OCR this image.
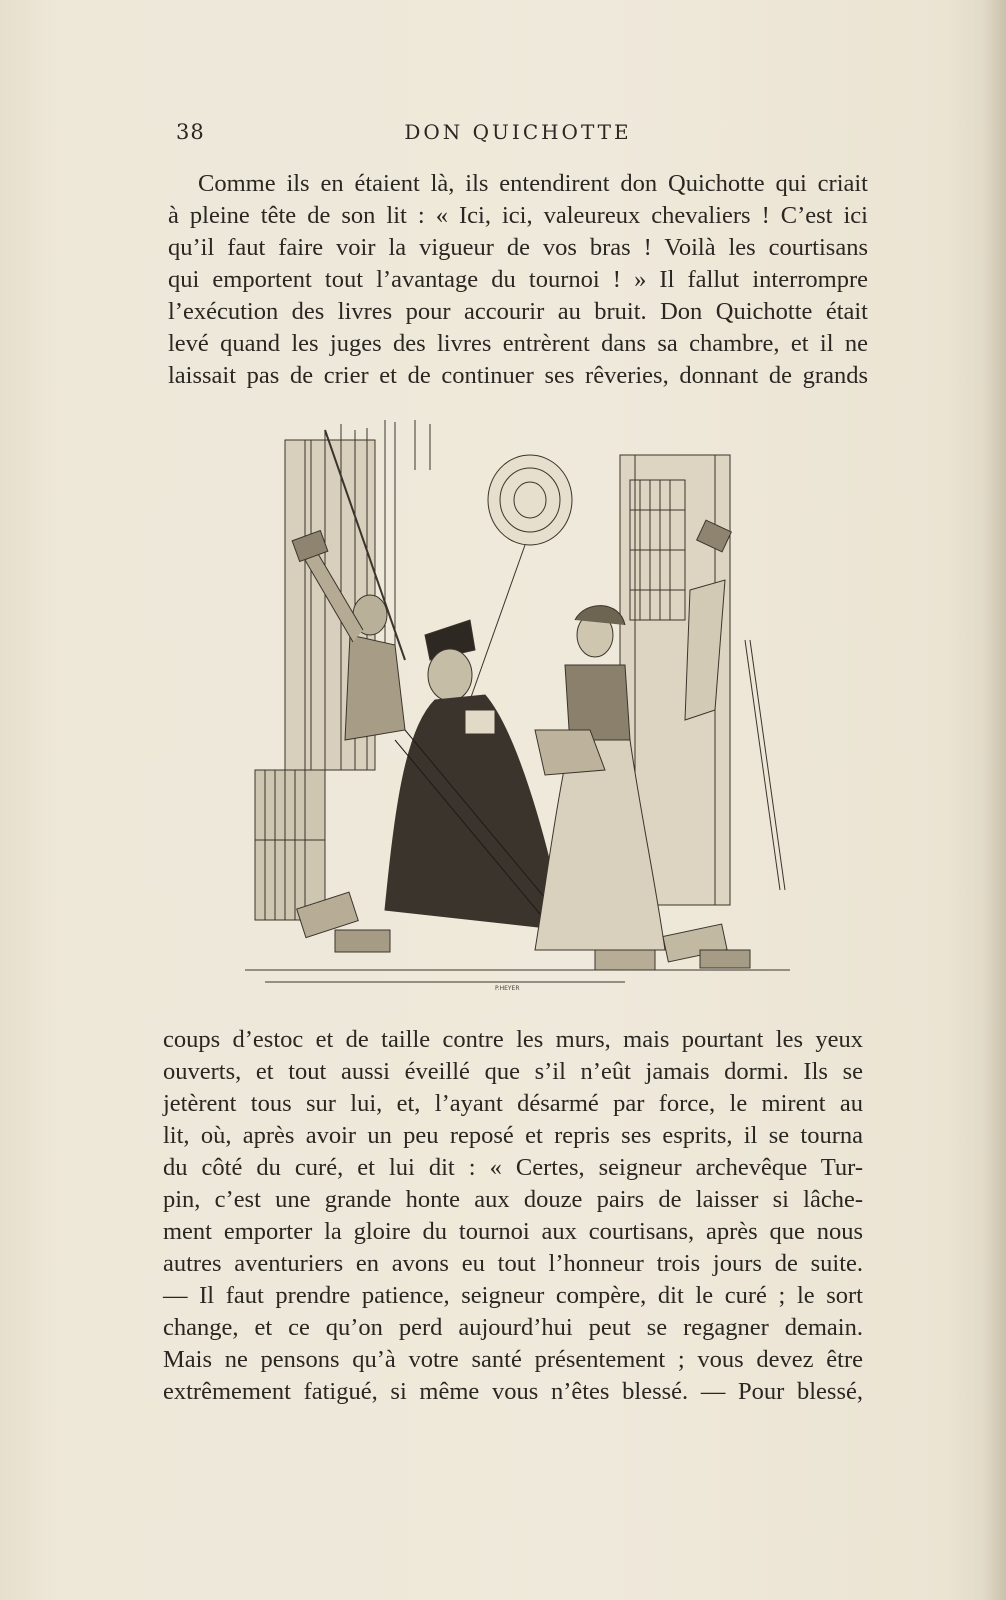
38	DON QUICHOTTE

Comme ils en étaient là, ils entendirent don Quichotte qui criait
à pleine tête de son lit : « Ici, ici, valeureux chevaliers ! C’est ici
qu’il faut faire voir la vigueur de vos bras ! Voilà les courtisans
qui emportent tout l’avantage du tournoi ! » Il fallut interrompre
l’exécution des livres pour accourir au bruit. Don Quichotte était
levé quand les juges des livres entrèrent dans sa chambre, et il ne
laissait pas de crier et de continuer ses rêveries, donnant de grands

P.HEYER

coups d’estoc et de taille contre les murs, mais pourtant les yeux
ouverts, et tout aussi éveillé que s’il n’eût jamais dormi. Ils se
jetèrent tous sur lui, et, l’ayant désarmé par force, le mirent au
lit, où, après avoir un peu reposé et repris ses esprits, il se tourna
du côté du curé, et lui dit : « Certes, seigneur archevêque Tur-
pin, c’est une grande honte aux douze pairs de laisser si lâche-
ment emporter la gloire du tournoi aux courtisans, après que nous
autres aventuriers en avons eu tout l’honneur trois jours de suite.
— Il faut prendre patience, seigneur compère, dit le curé ; le sort
change, et ce qu’on perd aujourd’hui peut se regagner demain.
Mais ne pensons qu’à votre santé présentement ; vous devez être
extrêmement fatigué, si même vous n’êtes blessé. — Pour blessé,
